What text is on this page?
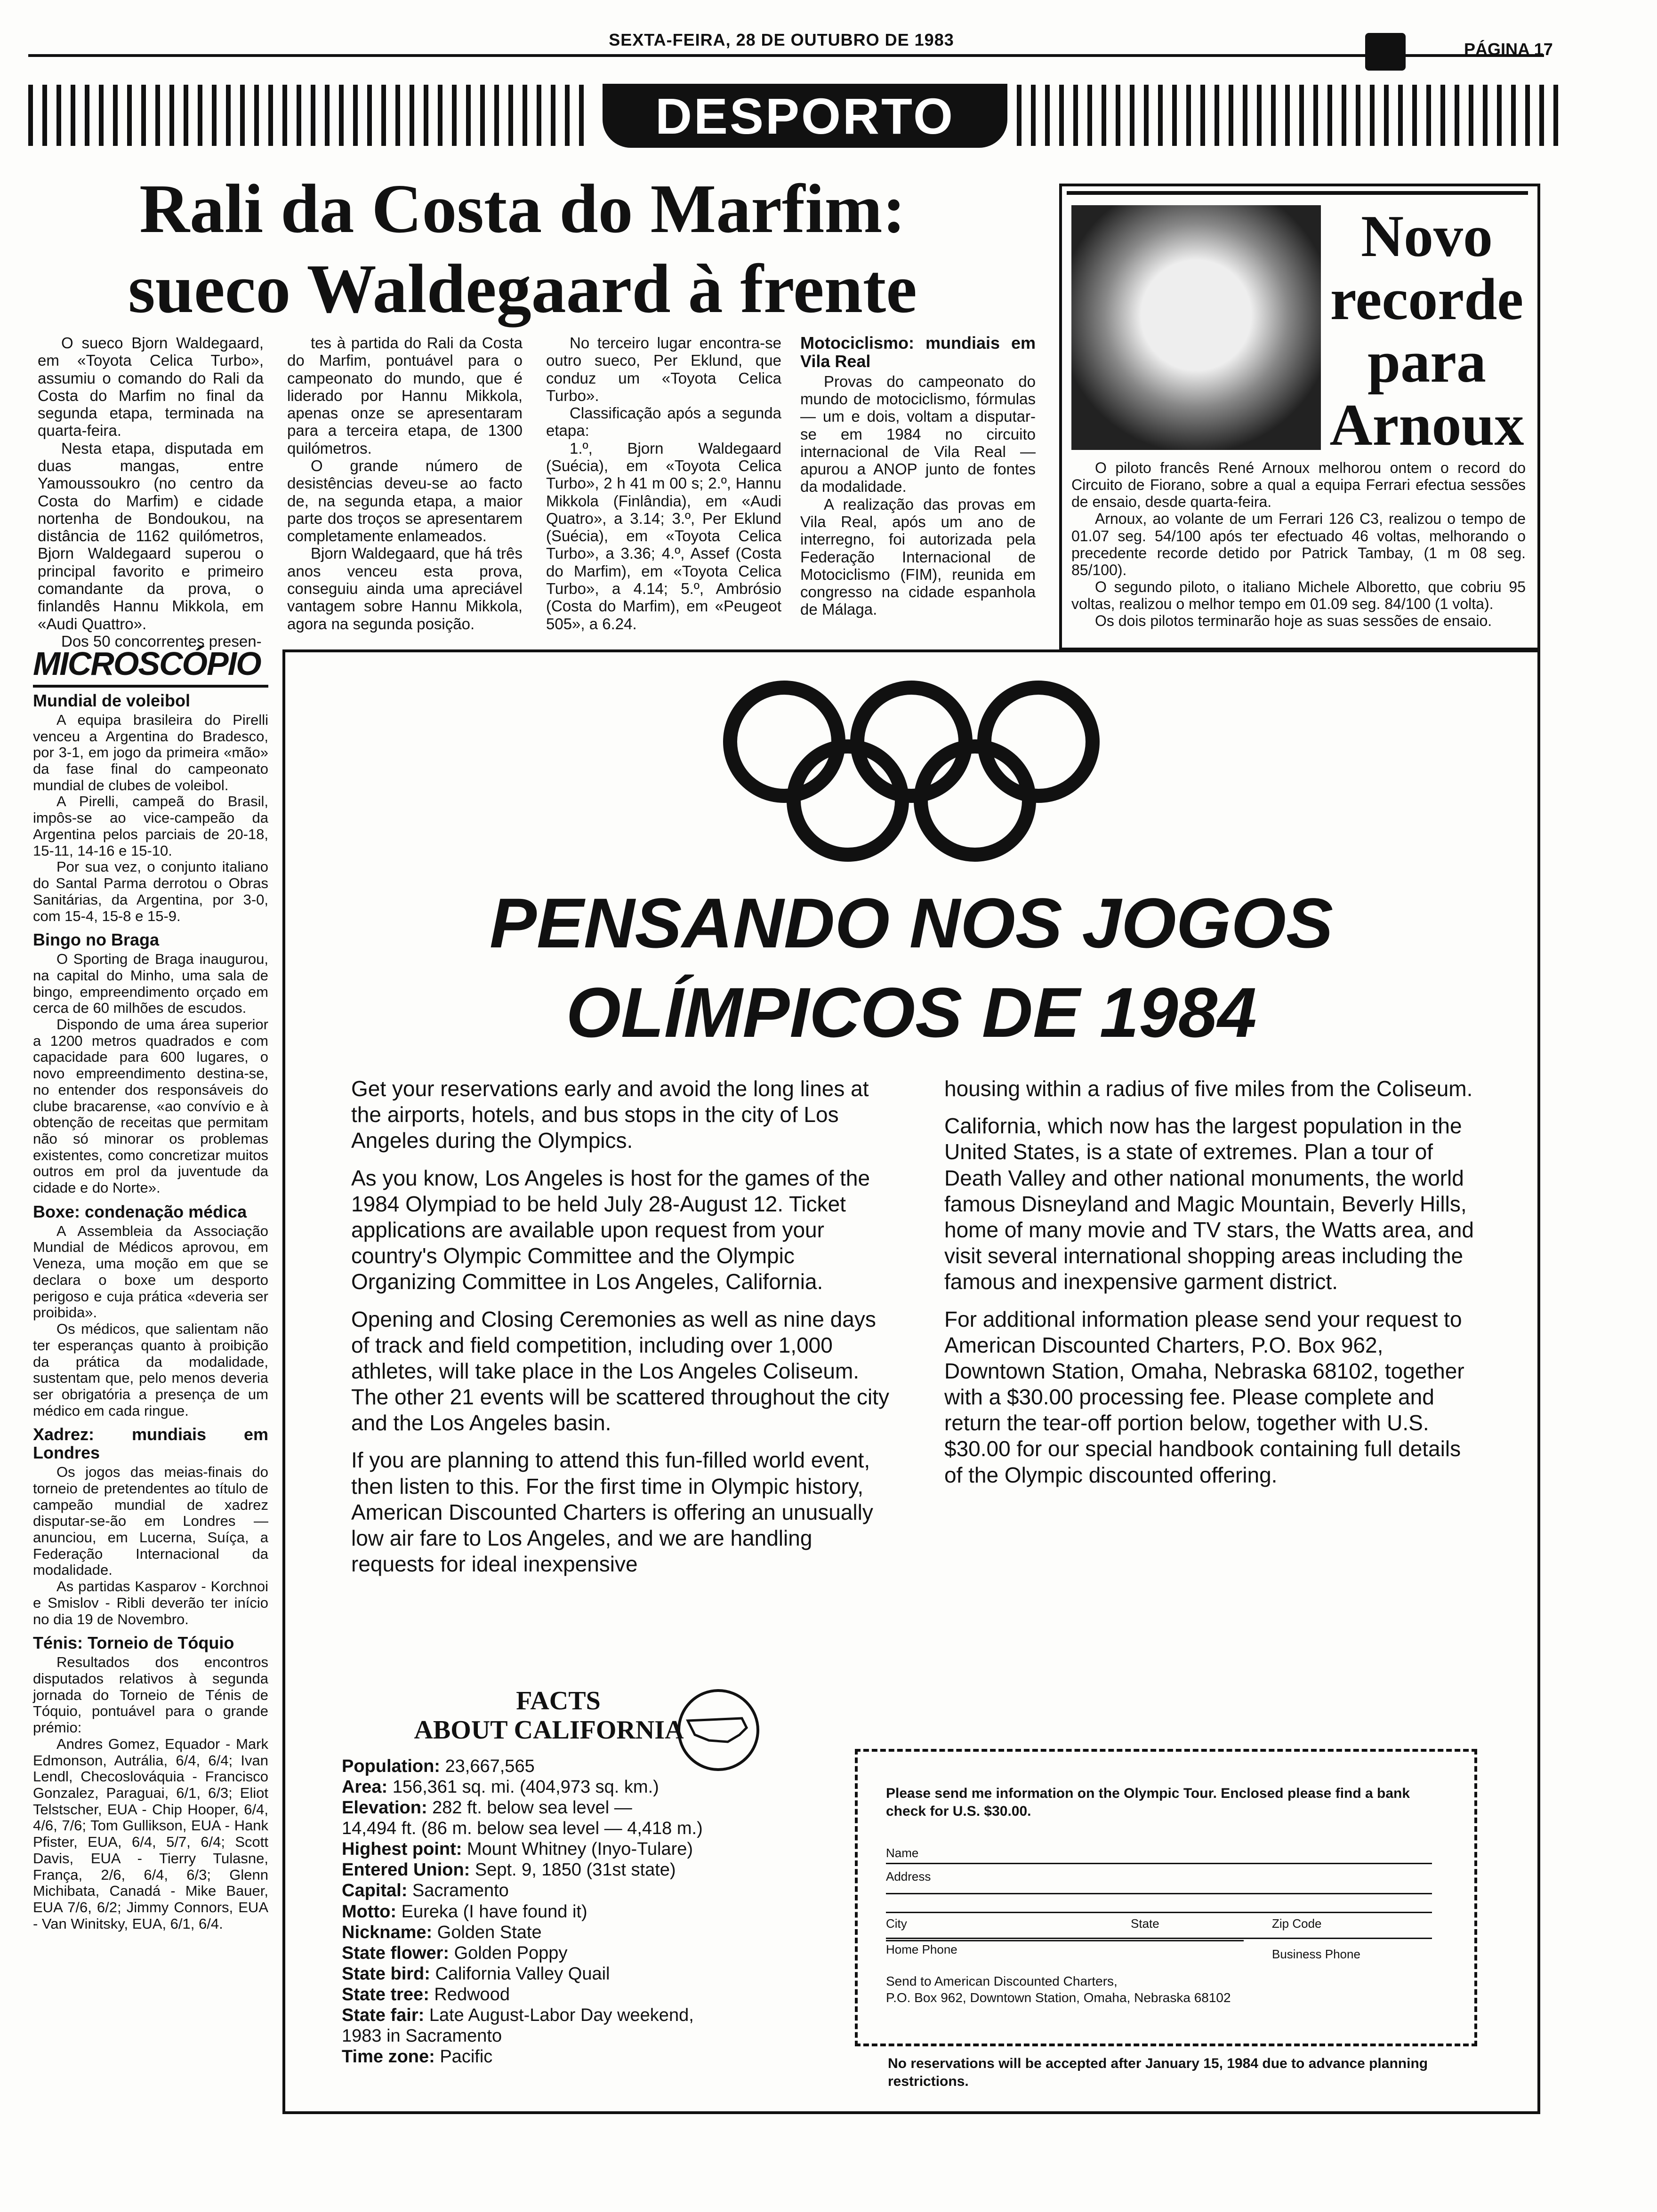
SEXTA-FEIRA, 28 DE OUTUBRO DE 1983	PÁGINA 17
DESPORTO
Rali da Costa do Marfim:
sueco Waldegaard à frente

O sueco Bjorn Waldegaard, em «Toyota Celica Turbo», assumiu o comando do Rali da Costa do Marfim no final da segunda etapa, terminada na quarta-feira.

Nesta etapa, disputada em duas mangas, entre Yamoussoukro (no centro da Costa do Marfim) e cidade nortenha de Bondoukou, na distância de 1162 quilómetros, Bjorn Waldegaard superou o principal favorito e primeiro comandante da prova, o finlandês Hannu Mikkola, em «Audi Quattro».

Dos 50 concorrentes presen-

tes à partida do Rali da Costa do Marfim, pontuável para o campeonato do mundo, que é liderado por Hannu Mikkola, apenas onze se apresentaram para a terceira etapa, de 1300 quilómetros.

O grande número de desistências deveu-se ao facto de, na segunda etapa, a maior parte dos troços se apresentarem completamente enlameados.

Bjorn Waldegaard, que há três anos venceu esta prova, conseguiu ainda uma apreciável vantagem sobre Hannu Mikkola, agora na segunda posição.

No terceiro lugar encontra-se outro sueco, Per Eklund, que conduz um «Toyota Celica Turbo».

Classificação após a segunda etapa:

1.º, Bjorn Waldegaard (Suécia), em «Toyota Celica Turbo», 2 h 41 m 00 s; 2.º, Hannu Mikkola (Finlândia), em «Audi Quatro», a 3.14; 3.º, Per Eklund (Suécia), em «Toyota Celica Turbo», a 3.36; 4.º, Assef (Costa do Marfim), em «Toyota Celica Turbo», a 4.14; 5.º, Ambrósio (Costa do Marfim), em «Peugeot 505», a 6.24.

Motociclismo: mundiais em Vila Real

Provas do campeonato do mundo de motociclismo, fórmulas — um e dois, voltam a disputar-se em 1984 no circuito internacional de Vila Real — apurou a ANOP junto de fontes da modalidade.

A realização das provas em Vila Real, após um ano de interregno, foi autorizada pela Federação Internacional de Motociclismo (FIM), reunida em congresso na cidade espanhola de Málaga.

Novo
recorde
para
Arnoux

O piloto francês René Arnoux melhorou ontem o record do Circuito de Fiorano, sobre a qual a equipa Ferrari efectua sessões de ensaio, desde quarta-feira.

Arnoux, ao volante de um Ferrari 126 C3, realizou o tempo de 01.07 seg. 54/100 após ter efectuado 46 voltas, melhorando o precedente recorde detido por Patrick Tambay, (1 m 08 seg. 85/100).

O segundo piloto, o italiano Michele Alboretto, que cobriu 95 voltas, realizou o melhor tempo em 01.09 seg. 84/100 (1 volta).

Os dois pilotos terminarão hoje as suas sessões de ensaio.

MICROSCÓPIO
Mundial de voleibol

A equipa brasileira do Pirelli venceu a Argentina do Bradesco, por 3-1, em jogo da primeira «mão» da fase final do campeonato mundial de clubes de voleibol.

A Pirelli, campeã do Brasil, impôs-se ao vice-campeão da Argentina pelos parciais de 20-18, 15-11, 14-16 e 15-10.

Por sua vez, o conjunto italiano do Santal Parma derrotou o Obras Sanitárias, da Argentina, por 3-0, com 15-4, 15-8 e 15-9.

Bingo no Braga

O Sporting de Braga inaugurou, na capital do Minho, uma sala de bingo, empreendimento orçado em cerca de 60 milhões de escudos.

Dispondo de uma área superior a 1200 metros quadrados e com capacidade para 600 lugares, o novo empreendimento destina-se, no entender dos responsáveis do clube bracarense, «ao convívio e à obtenção de receitas que permitam não só minorar os problemas existentes, como concretizar muitos outros em prol da juventude da cidade e do Norte».

Boxe: condenação médica

A Assembleia da Associação Mundial de Médicos aprovou, em Veneza, uma moção em que se declara o boxe um desporto perigoso e cuja prática «deveria ser proibida».

Os médicos, que salientam não ter esperanças quanto à proibição da prática da modalidade, sustentam que, pelo menos deveria ser obrigatória a presença de um médico em cada ringue.

Xadrez: mundiais em Londres

Os jogos das meias-finais do torneio de pretendentes ao título de campeão mundial de xadrez disputar-se-ão em Londres — anunciou, em Lucerna, Suíça, a Federação Internacional da modalidade.

As partidas Kasparov - Korchnoi e Smislov - Ribli deverão ter início no dia 19 de Novembro.

Ténis: Torneio de Tóquio

Resultados dos encontros disputados relativos à segunda jornada do Torneio de Ténis de Tóquio, pontuável para o grande prémio:

Andres Gomez, Equador - Mark Edmonson, Autrália, 6/4, 6/4; Ivan Lendl, Checoslováquia - Francisco Gonzalez, Paraguai, 6/1, 6/3; Eliot Telstscher, EUA - Chip Hooper, 6/4, 4/6, 7/6; Tom Gullikson, EUA - Hank Pfister, EUA, 6/4, 5/7, 6/4; Scott Davis, EUA - Tierry Tulasne, França, 2/6, 6/4, 6/3; Glenn Michibata, Canadá - Mike Bauer, EUA 7/6, 6/2; Jimmy Connors, EUA - Van Winitsky, EUA, 6/1, 6/4.

PENSANDO NOS JOGOS
OLÍMPICOS DE 1984

Get your reservations early and avoid the long lines at the airports, hotels, and bus stops in the city of Los Angeles during the Olympics.

As you know, Los Angeles is host for the games of the 1984 Olympiad to be held July 28-August 12. Ticket applications are available upon request from your country's Olympic Committee and the Olympic Organizing Committee in Los Angeles, California.

Opening and Closing Ceremonies as well as nine days of track and field competition, including over 1,000 athletes, will take place in the Los Angeles Coliseum. The other 21 events will be scattered throughout the city and the Los Angeles basin.

If you are planning to attend this fun-filled world event, then listen to this. For the first time in Olympic history, American Discounted Charters is offering an unusually low air fare to Los Angeles, and we are handling requests for ideal inexpensive

housing within a radius of five miles from the Coliseum.

California, which now has the largest population in the United States, is a state of extremes. Plan a tour of Death Valley and other national monuments, the world famous Disneyland and Magic Mountain, Beverly Hills, home of many movie and TV stars, the Watts area, and visit several international shopping areas including the famous and inexpensive garment district.

For additional information please send your request to American Discounted Charters, P.O. Box 962, Downtown Station, Omaha, Nebraska 68102, together with a $30.00 processing fee. Please complete and return the tear-off portion below, together with U.S. $30.00 for our special handbook containing full details of the Olympic discounted offering.

FACTS
ABOUT CALIFORNIA

Population: 23,667,565

Area: 156,361 sq. mi. (404,973 sq. km.)

Elevation: 282 ft. below sea level —

14,494 ft. (86 m. below sea level — 4,418 m.)

Highest point: Mount Whitney (Inyo-Tulare)

Entered Union: Sept. 9, 1850 (31st state)

Capital: Sacramento

Motto: Eureka (I have found it)

Nickname: Golden State

State flower: Golden Poppy

State bird: California Valley Quail

State tree: Redwood

State fair: Late August-Labor Day weekend,

1983 in Sacramento

Time zone: Pacific

Please send me information on the Olympic Tour. Enclosed please find a bank check for U.S. $30.00.
Name
Address
City	State	Zip Code
Home Phone	Business Phone
Send to American Discounted Charters,
P.O. Box 962, Downtown Station, Omaha, Nebraska 68102
No reservations will be accepted after January 15, 1984 due to advance planning restrictions.
